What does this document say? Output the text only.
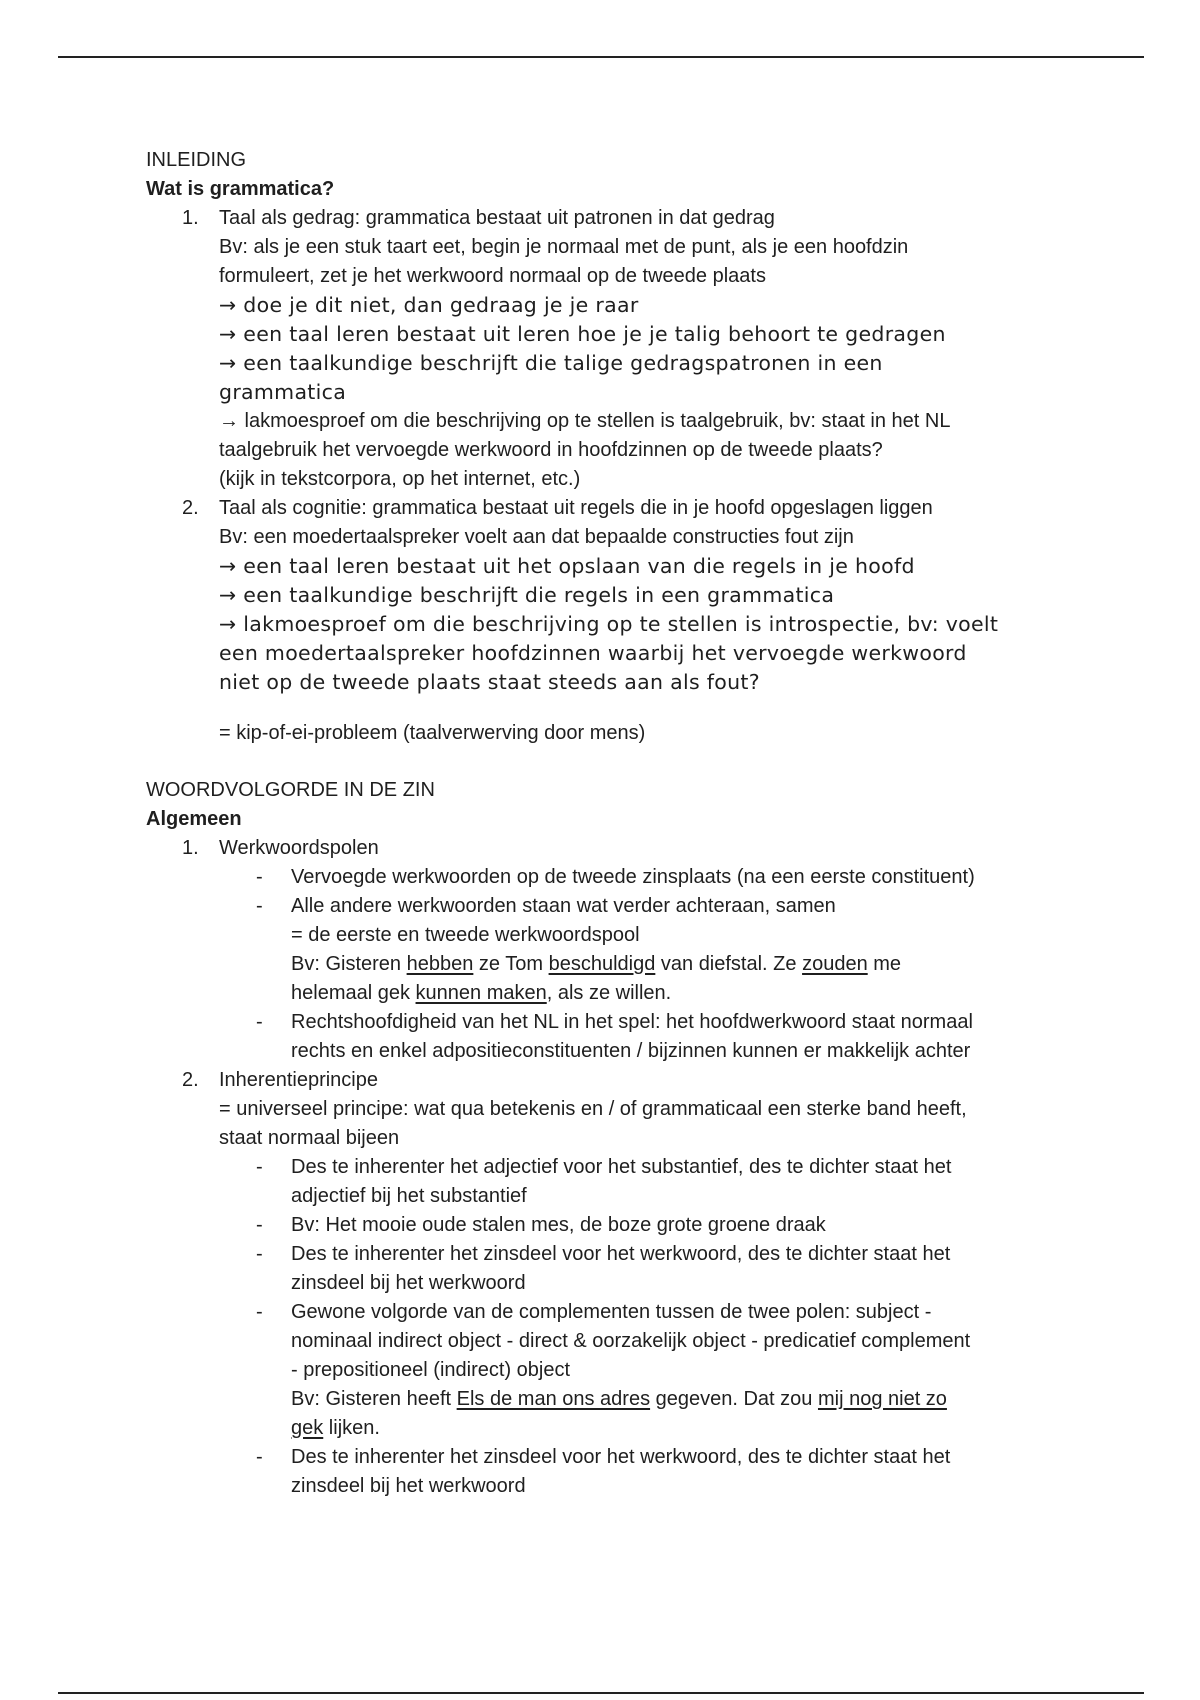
INLEIDING
Wat is grammatica?
1. Taal als gedrag: grammatica bestaat uit patronen in dat gedrag
Bv: als je een stuk taart eet, begin je normaal met de punt, als je een hoofdzin
formuleert, zet je het werkwoord normaal op de tweede plaats
→ doe je dit niet, dan gedraag je je raar
→ een taal leren bestaat uit leren hoe je je talig behoort te gedragen
→ een taalkundige beschrijft die talige gedragspatronen in een
grammatica
→ lakmoesproef om die beschrijving op te stellen is taalgebruik, bv: staat in het NL
taalgebruik het vervoegde werkwoord in hoofdzinnen op de tweede plaats?
(kijk in tekstcorpora, op het internet, etc.)
2. Taal als cognitie: grammatica bestaat uit regels die in je hoofd opgeslagen liggen
Bv: een moedertaalspreker voelt aan dat bepaalde constructies fout zijn
→ een taal leren bestaat uit het opslaan van die regels in je hoofd
→ een taalkundige beschrijft die regels in een grammatica
→ lakmoesproef om die beschrijving op te stellen is introspectie, bv: voelt
een moedertaalspreker hoofdzinnen waarbij het vervoegde werkwoord
niet op de tweede plaats staat steeds aan als fout?
= kip-of-ei-probleem (taalverwerving door mens)
WOORDVOLGORDE IN DE ZIN
Algemeen
1. Werkwoordspolen
- Vervoegde werkwoorden op de tweede zinsplaats (na een eerste constituent)
- Alle andere werkwoorden staan wat verder achteraan, samen
= de eerste en tweede werkwoordspool
Bv: Gisteren hebben ze Tom beschuldigd van diefstal. Ze zouden me
helemaal gek kunnen maken, als ze willen.
- Rechtshoofdigheid van het NL in het spel: het hoofdwerkwoord staat normaal
rechts en enkel adpositieconstituenten / bijzinnen kunnen er makkelijk achter
2. Inherentieprincipe
= universeel principe: wat qua betekenis en / of grammaticaal een sterke band heeft,
staat normaal bijeen
- Des te inherenter het adjectief voor het substantief, des te dichter staat het
adjectief bij het substantief
- Bv: Het mooie oude stalen mes, de boze grote groene draak
- Des te inherenter het zinsdeel voor het werkwoord, des te dichter staat het
zinsdeel bij het werkwoord
- Gewone volgorde van de complementen tussen de twee polen: subject -
nominaal indirect object - direct & oorzakelijk object - predicatief complement
- prepositioneel (indirect) object
Bv: Gisteren heeft Els de man ons adres gegeven. Dat zou mij nog niet zo
gek lijken.
- Des te inherenter het zinsdeel voor het werkwoord, des te dichter staat het
zinsdeel bij het werkwoord
